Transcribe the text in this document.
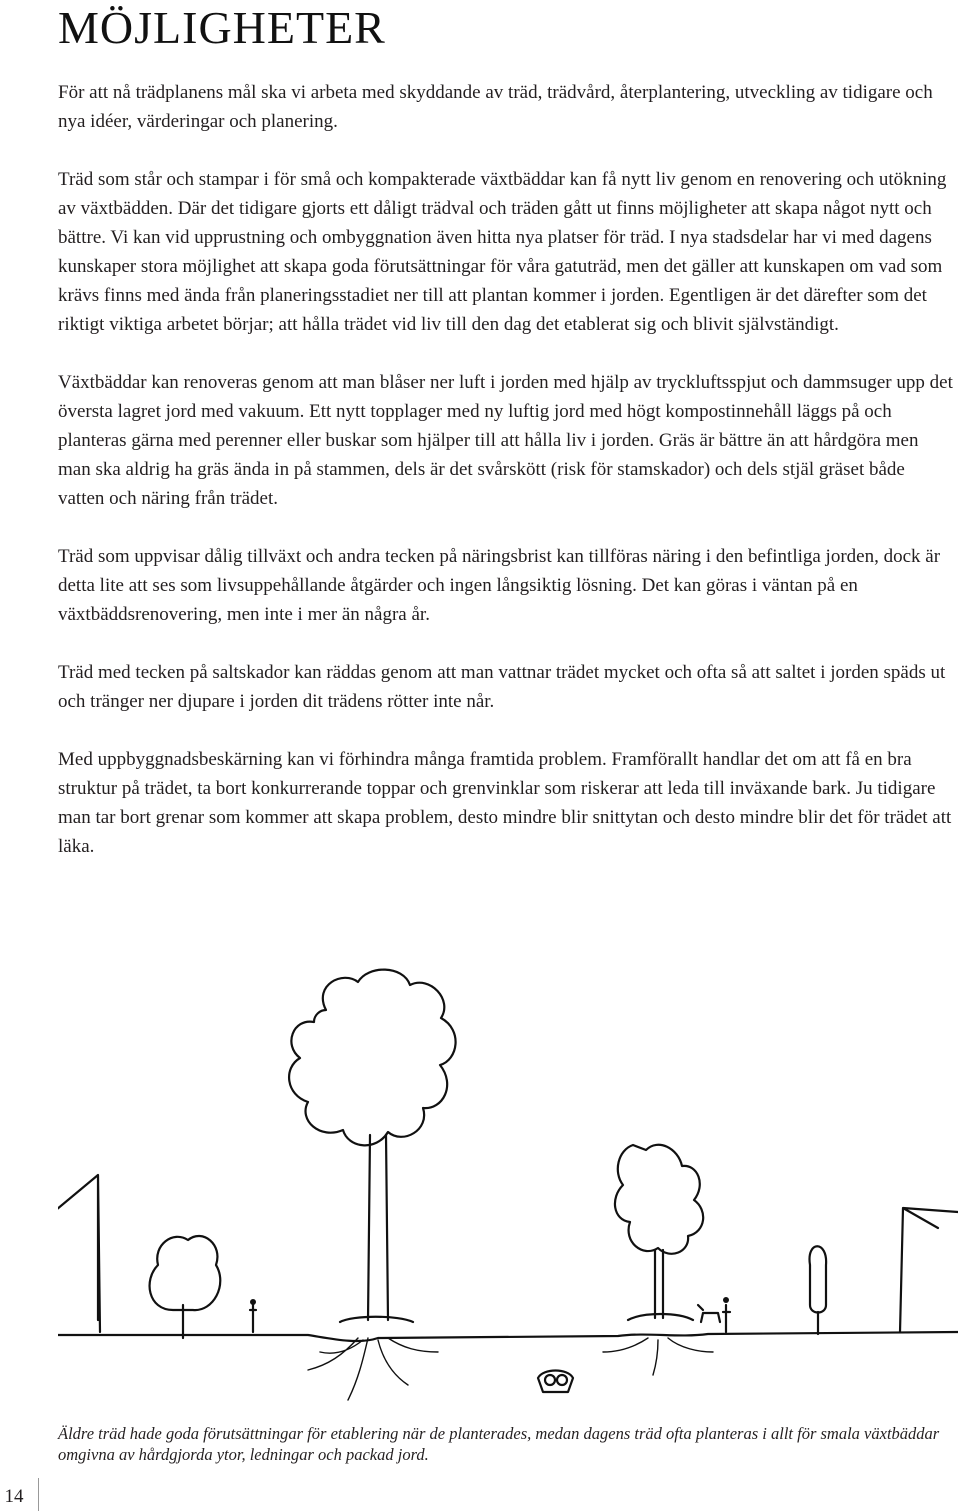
MÖJLIGHETER

För att nå trädplanens mål ska vi arbeta med skyddande av träd, trädvård, återplantering, utveckling av tidigare och nya idéer, värderingar och planering.

Träd som står och stampar i för små och kompakterade växtbäddar kan få nytt liv genom en renovering och utökning av växtbädden. Där det tidigare gjorts ett dåligt trädval och träden gått ut finns möjligheter att skapa något nytt och bättre. Vi kan vid upprustning och ombyggnation även hitta nya platser för träd. I nya stadsdelar har vi med dagens kunskaper stora möjlighet att skapa goda förutsättningar för våra gatuträd, men det gäller att kunskapen om vad som krävs finns med ända från planeringsstadiet ner till att plantan kommer i jorden. Egentligen är det därefter som det riktigt viktiga arbetet börjar; att hålla trädet vid liv till den dag det etablerat sig och blivit självständigt.

Växtbäddar kan renoveras genom att man blåser ner luft i jorden med hjälp av tryckluftsspjut och dammsuger upp det översta lagret jord med vakuum. Ett nytt topplager med ny luftig jord med högt kompostinnehåll läggs på och planteras gärna med perenner eller buskar som hjälper till att hålla liv i jorden. Gräs är bättre än att hårdgöra men man ska aldrig ha gräs ända in på stammen, dels är det svårskött (risk för stamskador) och dels stjäl gräset både vatten och näring från trädet.

Träd som uppvisar dålig tillväxt och andra tecken på näringsbrist kan tillföras näring i den befintliga jorden, dock är detta lite att ses som livsuppehållande åtgärder och ingen långsiktig lösning. Det kan göras i väntan på en växtbäddsrenovering, men inte i mer än några år.

Träd med tecken på saltskador kan räddas genom att man vattnar trädet mycket och ofta så att saltet i jorden späds ut och tränger ner djupare i jorden dit trädens rötter inte når.

Med uppbyggnadsbeskärning kan vi förhindra många framtida problem. Framförallt handlar det om att få en bra struktur på trädet, ta bort konkurrerande toppar och grenvinklar som riskerar att leda till inväxande bark. Ju tidigare man tar bort grenar som kommer att skapa problem, desto mindre blir snittytan och desto mindre blir det för trädet att läka.

Äldre träd hade goda förutsättningar för etablering när de planterades, medan dagens träd ofta planteras i allt för smala växtbäddar omgivna av hårdgjorda ytor, ledningar och packad jord.

14
